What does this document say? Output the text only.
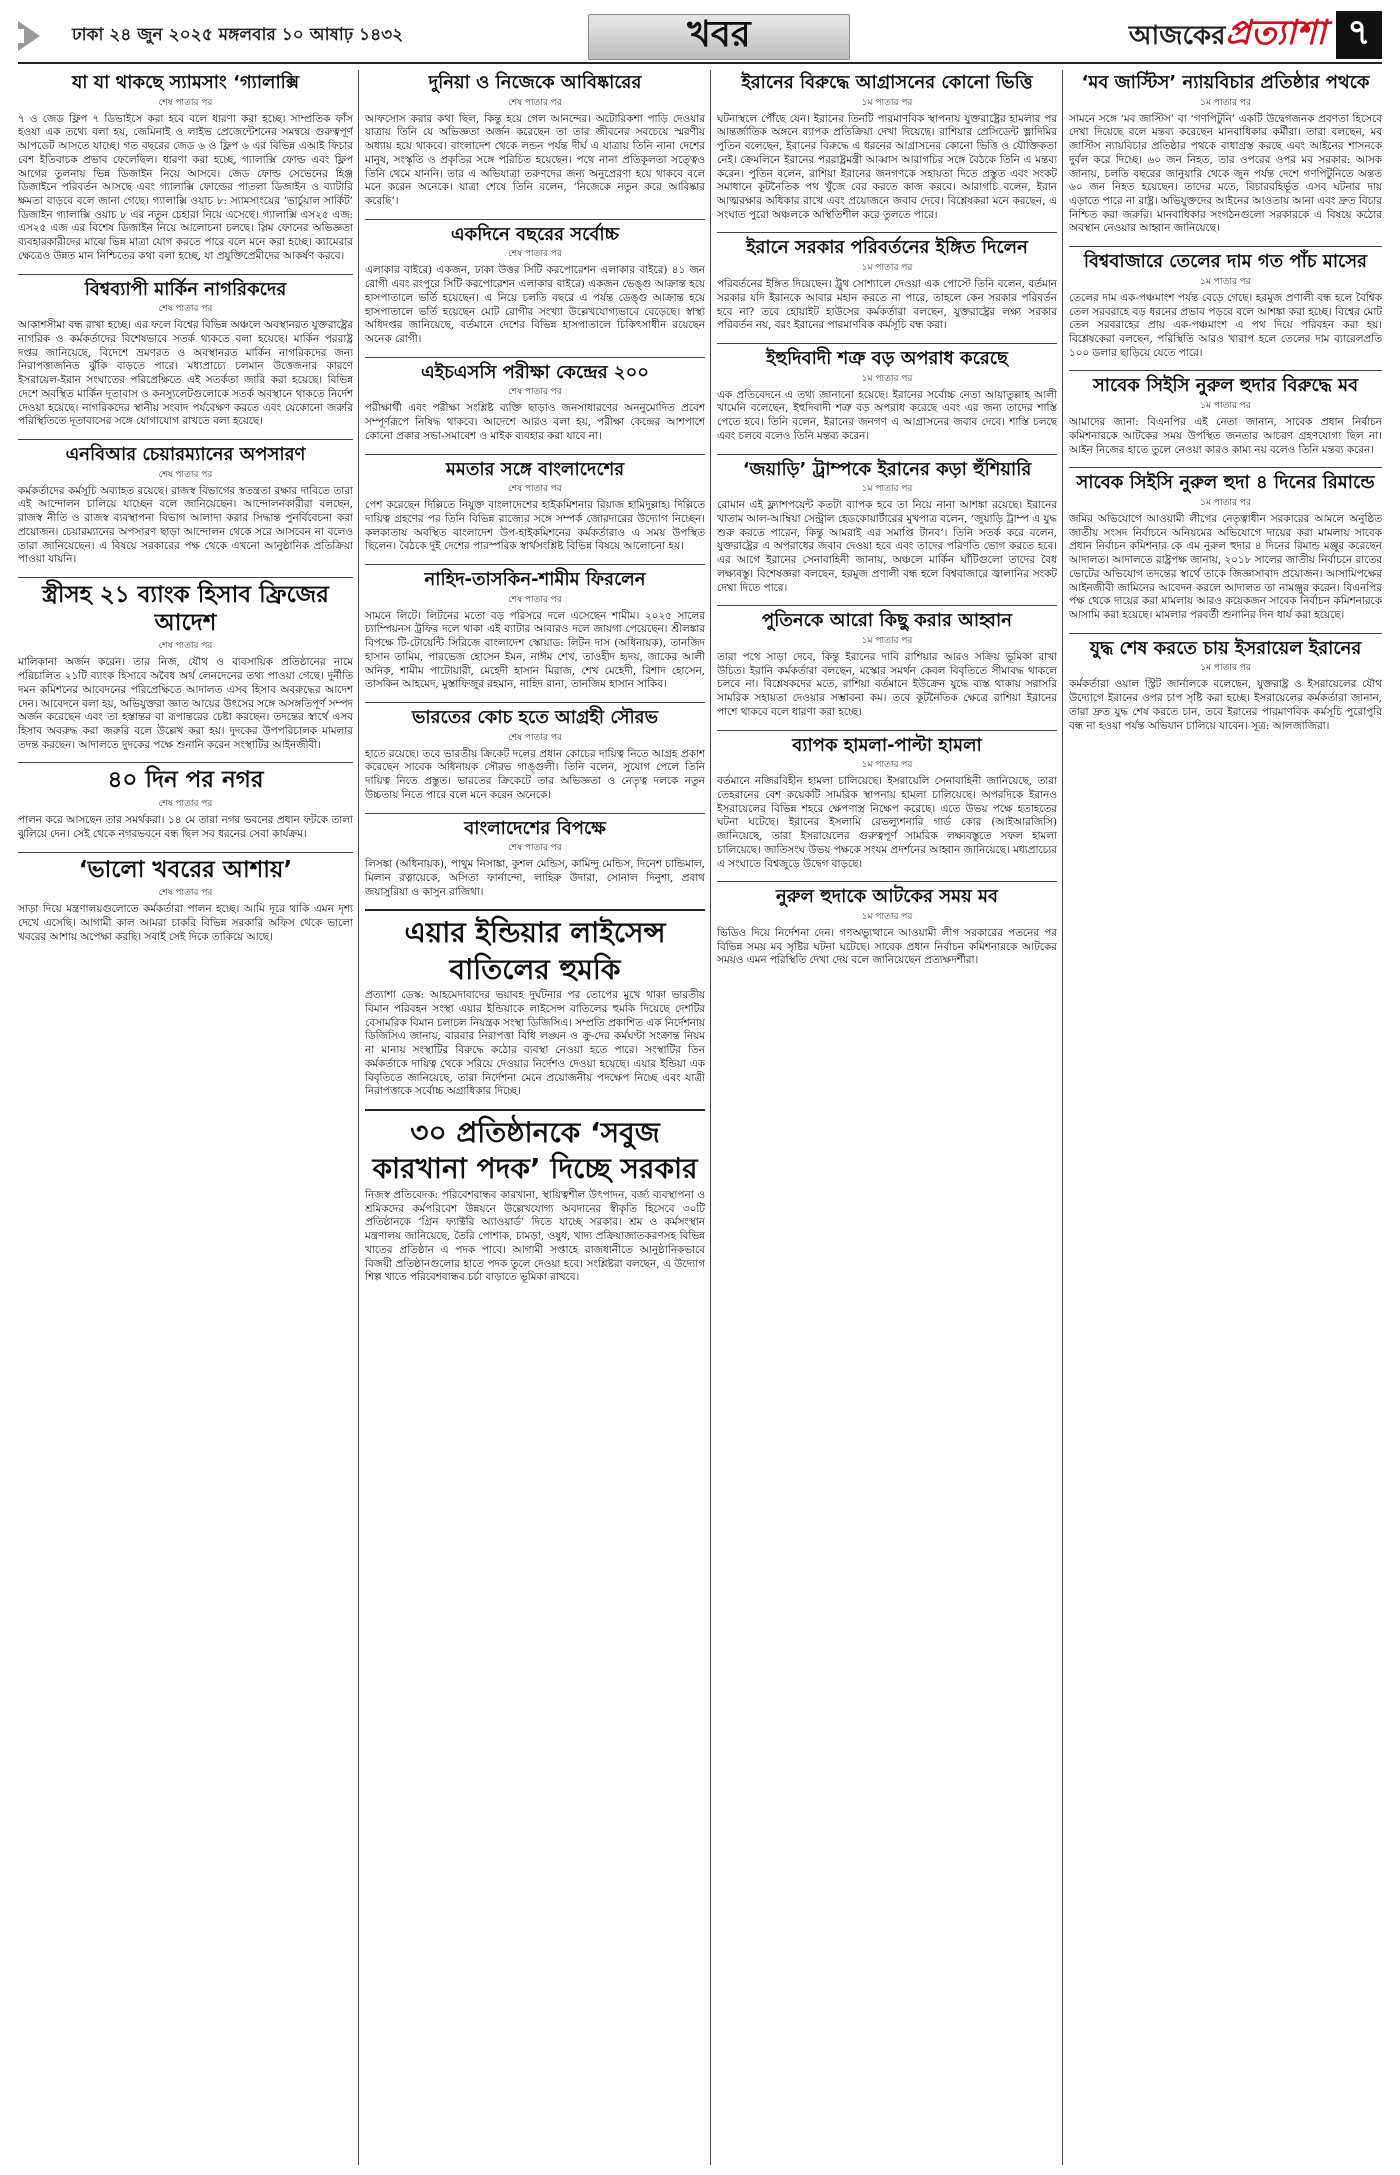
ঢাকা ২৪ জুন ২০২৫ মঙ্গলবার ১০ আষাঢ় ১৪৩২	খবর	আজকের প্রত্যাশা ৭
যা যা থাকছে স্যামসাং ‘গ্যালাক্সি
শেষ পাতার পর

৭ ও জেড ফ্লিপ ৭ ডিভাইসে করা হবে বলে ধারণা করা হচ্ছে। সাম্প্রতিক ফাঁস হওয়া এক তথ্যে বলা হয়, জেমিনাই ও লাইভ প্রেজেন্টেশনের সমন্বয়ে গুরুত্বপূর্ণ আপডেট আসতে যাচ্ছে। গত বছরের জেড ৬ ও ফ্লিপ ৬ এর বিভিন্ন এআই ফিচার বেশ ইতিবাচক প্রভাব ফেলেছিল। ধারণা করা হচ্ছে, গ্যালাক্সি ফোল্ড এবং ফ্লিপ আগের তুলনায় ভিন্ন ডিজাইন নিয়ে আসবে। জেড ফোল্ড সেভেনের হিঞ্জ ডিজাইনে পরিবর্তন আসছে এবং গ্যালাক্সি ফোল্ডের পাতলা ডিজাইন ও ব্যাটারি ক্ষমতা বাড়বে বলে জানা গেছে। গ্যালাক্সি ওয়াচ ৮: স্যামসাংয়ের ‘ভার্চুয়াল সার্কিট’ ডিজাইন গ্যালাক্সি ওয়াচ ৮ এর নতুন চেহারা নিয়ে এসেছে। গ্যালাক্সি এস২৫ এজ: এস২৫ এজ এর বিশেষ ডিজাইন নিয়ে আলোচনা চলছে। স্লিম ফোনের অভিজ্ঞতা ব্যবহারকারীদের মাঝে ভিন্ন মাত্রা যোগ করতে পারে বলে মনে করা হচ্ছে। ক্যামেরার ক্ষেত্রেও উন্নত মান নিশ্চিতের কথা বলা হচ্ছে, যা প্রযুক্তিপ্রেমীদের আকর্ষণ করবে।

বিশ্বব্যাপী মার্কিন নাগরিকদের
শেষ পাতার পর

আকাশসীমা বন্ধ রাখা হচ্ছে। এর ফলে বিশ্বের বিভিন্ন অঞ্চলে অবস্থানরত যুক্তরাষ্ট্রের নাগরিক ও কর্মকর্তাদের বিশেষভাবে সতর্ক থাকতে বলা হয়েছে। মার্কিন পররাষ্ট্র দপ্তর জানিয়েছে, বিদেশে ভ্রমণরত ও অবস্থানরত মার্কিন নাগরিকদের জন্য নিরাপত্তাজনিত ঝুঁকি বাড়তে পারে। মধ্যপ্রাচ্যে চলমান উত্তেজনার কারণে ইসরায়েল-ইরান সংঘাতের পরিপ্রেক্ষিতে এই সতর্কতা জারি করা হয়েছে। বিভিন্ন দেশে অবস্থিত মার্কিন দূতাবাস ও কনস্যুলেটগুলোকে সতর্ক অবস্থানে থাকতে নির্দেশ দেওয়া হয়েছে। নাগরিকদের স্থানীয় সংবাদ পর্যবেক্ষণ করতে এবং যেকোনো জরুরি পরিস্থিতিতে দূতাবাসের সঙ্গে যোগাযোগ রাখতে বলা হয়েছে।

এনবিআর চেয়ারম্যানের অপসারণ
শেষ পাতার পর

কর্মকর্তাদের কর্মসূচি অব্যাহত রয়েছে। রাজস্ব বিভাগের স্বতন্ত্রতা রক্ষার দাবিতে তারা এই আন্দোলন চালিয়ে যাচ্ছেন বলে জানিয়েছেন। আন্দোলনকারীরা বলছেন, রাজস্ব নীতি ও রাজস্ব ব্যবস্থাপনা বিভাগ আলাদা করার সিদ্ধান্ত পুনর্বিবেচনা করা প্রয়োজন। চেয়ারম্যানের অপসারণ ছাড়া আন্দোলন থেকে সরে আসবেন না বলেও তারা জানিয়েছেন। এ বিষয়ে সরকারের পক্ষ থেকে এখনো আনুষ্ঠানিক প্রতিক্রিয়া পাওয়া যায়নি।

স্ত্রীসহ ২১ ব্যাংক হিসাব ফ্রিজের আদেশ
শেষ পাতার পর

মালিকানা অর্জন করেন। তার নিজ, যৌথ ও ব্যবসায়িক প্রতিষ্ঠানের নামে পরিচালিত ২১টি ব্যাংক হিসাবে অবৈধ অর্থ লেনদেনের তথ্য পাওয়া গেছে। দুর্নীতি দমন কমিশনের আবেদনের পরিপ্রেক্ষিতে আদালত এসব হিসাব অবরুদ্ধের আদেশ দেন। আবেদনে বলা হয়, অভিযুক্তরা জ্ঞাত আয়ের উৎসের সঙ্গে অসঙ্গতিপূর্ণ সম্পদ অর্জন করেছেন এবং তা হস্তান্তর বা রূপান্তরের চেষ্টা করছেন। তদন্তের স্বার্থে এসব হিসাব অবরুদ্ধ করা জরুরি বলে উল্লেখ করা হয়। দুদকের উপপরিচালক মামলার তদন্ত করছেন। আদালতে দুদকের পক্ষে শুনানি করেন সংস্থাটির আইনজীবী।

৪০ দিন পর নগর
শেষ পাতার পর

পালন করে আসছেন তার সমর্থকরা। ১৪ মে তারা নগর ভবনের প্রধান ফটকে তালা ঝুলিয়ে দেন। সেই থেকে নগরভবনে বন্ধ ছিল সব ধরনের সেবা কার্যক্রম।

‘ভালো খবরের আশায়’
শেষ পাতার পর

সাড়া দিয়ে মন্ত্রণালয়গুলোতে কর্মকর্তারা পালন হচ্ছে। আমি দূরে থাকি এমন দৃশ্য দেখে এসেছি। আগামী কাল আমরা চাকরি বিভিন্ন সরকারি অফিস থেকে ভালো খবরের আশায় অপেক্ষা করছি। সবাই সেই দিকে তাকিয়ে আছে।

দুনিয়া ও নিজেকে আবিষ্কারের
শেষ পাতার পর

আফসোস করার কথা ছিল, কিন্তু হয়ে গেল আনন্দের। অটোরিকশা পাড়ি দেওয়ার যাত্রায় তিনি যে অভিজ্ঞতা অর্জন করেছেন তা তার জীবনের সবচেয়ে স্মরণীয় অধ্যায় হয়ে থাকবে। বাংলাদেশ থেকে লন্ডন পর্যন্ত দীর্ঘ এ যাত্রায় তিনি নানা দেশের মানুষ, সংস্কৃতি ও প্রকৃতির সঙ্গে পরিচিত হয়েছেন। পথে নানা প্রতিকূলতা সত্ত্বেও তিনি থেমে যাননি। তার এ অভিযাত্রা তরুণদের জন্য অনুপ্রেরণা হয়ে থাকবে বলে মনে করেন অনেকে। যাত্রা শেষে তিনি বলেন, ‘নিজেকে নতুন করে আবিষ্কার করেছি’।

একদিনে বছরের সর্বোচ্চ
শেষ পাতার পর

এলাকার বাইরে) একজন, ঢাকা উত্তর সিটি করপোরেশন এলাকার বাইরে) ৪১ জন রোগী এবং রংপুরে সিটি করপোরেশন এলাকার বাইরে) একজন ভেঙ্গু আক্রান্ত হয়ে হাসপাতালে ভর্তি হয়েছেন। এ নিয়ে চলতি বছরে এ পর্যন্ত ডেঙ্গু আক্রান্ত হয়ে হাসপাতালে ভর্তি হয়েছেন মোট রোগীর সংখ্যা উল্লেখযোগ্যভাবে বেড়েছে। স্বাস্থ্য অধিদপ্তর জানিয়েছে, বর্তমানে দেশের বিভিন্ন হাসপাতালে চিকিৎসাধীন রয়েছেন অনেক রোগী।

এইচএসসি পরীক্ষা কেন্দ্রের ২০০
শেষ পাতার পর

পরীক্ষার্থী এবং পরীক্ষা সংশ্লিষ্ট ব্যক্তি ছাড়াও জনসাধারণের অননুমোদিত প্রবেশ সম্পূর্ণরূপে নিষিদ্ধ থাকবে। আদেশে আরও বলা হয়, পরীক্ষা কেন্দ্রের আশপাশে কোনো প্রকার সভা-সমাবেশ ও মাইক ব্যবহার করা যাবে না।

মমতার সঙ্গে বাংলাদেশের
শেষ পাতার পর

পেশ করেছেন দিল্লিতে নিযুক্ত বাংলাদেশের হাইকমিশনার রিয়াজ হামিদুল্লাহ। দিল্লিতে দায়িত্ব গ্রহণের পর তিনি বিভিন্ন রাজ্যের সঙ্গে সম্পর্ক জোরদারের উদ্যোগ নিচ্ছেন। কলকাতায় অবস্থিত বাংলাদেশ উপ-হাইকমিশনের কর্মকর্তারাও এ সময় উপস্থিত ছিলেন। বৈঠকে দুই দেশের পারস্পরিক স্বার্থসংশ্লিষ্ট বিভিন্ন বিষয়ে আলোচনা হয়।

নাহিদ-তাসকিন-শামীম ফিরলেন
শেষ পাতার পর

সামনে লিটে। লিটনের মতো বড় পরিসরে দলে এসেছেন শামীম। ২০২৫ সালের চ্যাম্পিয়নস ট্রফির দলে থাকা এই ব্যাটার আবারও দলে জায়গা পেয়েছেন। শ্রীলঙ্কার বিপক্ষে টি-টোয়েন্টি সিরিজে বাংলাদেশ স্কোয়াড: লিটন দাস (অধিনায়ক), তানজিদ হাসান তামিম, পারভেজ হোসেন ইমন, নাঈম শেখ, তাওহীদ হৃদয়, জাকের আলী অনিক, শামীম পাটোয়ারী, মেহেদী হাসান মিরাজ, শেখ মেহেদী, রিশাদ হোসেন, তাসকিন আহমেদ, মুস্তাফিজুর রহমান, নাহিদ রানা, তানজিম হাসান সাকিব।

ভারতের কোচ হতে আগ্রহী সৌরভ
শেষ পাতার পর

হাতে রয়েছে। তবে ভারতীয় ক্রিকেট দলের প্রধান কোচের দায়িত্ব নিতে আগ্রহ প্রকাশ করেছেন সাবেক অধিনায়ক সৌরভ গাঙ্গুলী। তিনি বলেন, সুযোগ পেলে তিনি দায়িত্ব নিতে প্রস্তুত। ভারতের ক্রিকেটে তার অভিজ্ঞতা ও নেতৃত্ব দলকে নতুন উচ্চতায় নিতে পারে বলে মনে করেন অনেকে।

বাংলাদেশের বিপক্ষে
শেষ পাতার পর

লিসঙ্কা (অধিনায়ক), পাথুম নিসাঙ্কা, কুশল মেন্ডিস, কামিন্দু মেন্ডিস, দিনেশ চান্ডিমাল, মিলান রত্নায়েকে, অসিতা ফার্নান্দো, লাহিরু উদারা, সোনাল দিনুশা, প্রবাথ জয়াসুরিয়া ও কাসুন রাজিথা।

এয়ার ইন্ডিয়ার লাইসেন্স বাতিলের হুমকি

প্রত্যাশা ডেস্ক: আহমেদাবাদের ভয়াবহ দুর্ঘটনার পর তোপের মুখে থাকা ভারতীয় বিমান পরিবহন সংস্থা এয়ার ইন্ডিয়াকে লাইসেন্স বাতিলের হুমকি দিয়েছে দেশটির বেসামরিক বিমান চলাচল নিয়ন্ত্রক সংস্থা ডিজিসিএ। সম্প্রতি প্রকাশিত এক নির্দেশনায় ডিজিসিএ জানায়, বারবার নিরাপত্তা বিধি লঙ্ঘন ও ক্রু-দের কর্মঘণ্টা সংক্রান্ত নিয়ম না মানায় সংস্থাটির বিরুদ্ধে কঠোর ব্যবস্থা নেওয়া হতে পারে। সংস্থাটির তিন কর্মকর্তাকে দায়িত্ব থেকে সরিয়ে দেওয়ার নির্দেশও দেওয়া হয়েছে। এয়ার ইন্ডিয়া এক বিবৃতিতে জানিয়েছে, তারা নির্দেশনা মেনে প্রয়োজনীয় পদক্ষেপ নিচ্ছে এবং যাত্রী নিরাপত্তাকে সর্বোচ্চ অগ্রাধিকার দিচ্ছে।

৩০ প্রতিষ্ঠানকে ‘সবুজ কারখানা পদক’ দিচ্ছে সরকার

নিজস্ব প্রতিবেদক: পরিবেশবান্ধব কারখানা, স্থায়িত্বশীল উৎপাদন, বর্জ্য ব্যবস্থাপনা ও শ্রমিকদের কর্মপরিবেশ উন্নয়নে উল্লেখযোগ্য অবদানের স্বীকৃতি হিসেবে ৩০টি প্রতিষ্ঠানকে ‘গ্রিন ফ্যাক্টরি অ্যাওয়ার্ড’ দিতে যাচ্ছে সরকার। শ্রম ও কর্মসংস্থান মন্ত্রণালয় জানিয়েছে, তৈরি পোশাক, চামড়া, ওষুধ, খাদ্য প্রক্রিয়াজাতকরণসহ বিভিন্ন খাতের প্রতিষ্ঠান এ পদক পাবে। আগামী সপ্তাহে রাজধানীতে আনুষ্ঠানিকভাবে বিজয়ী প্রতিষ্ঠানগুলোর হাতে পদক তুলে দেওয়া হবে। সংশ্লিষ্টরা বলছেন, এ উদ্যোগ শিল্প খাতে পরিবেশবান্ধব চর্চা বাড়াতে ভূমিকা রাখবে।

ইরানের বিরুদ্ধে আগ্রাসনের কোনো ভিত্তি
১ম পাতার পর

ঘটনাস্থলে পৌঁছে যেন। ইরানের তিনটি পারমাণবিক স্থাপনায় যুক্তরাষ্ট্রের হামলার পর আন্তর্জাতিক অঙ্গনে ব্যাপক প্রতিক্রিয়া দেখা দিয়েছে। রাশিয়ার প্রেসিডেন্ট ভ্লাদিমির পুতিন বলেছেন, ইরানের বিরুদ্ধে এ ধরনের আগ্রাসনের কোনো ভিত্তি ও যৌক্তিকতা নেই। ক্রেমলিনে ইরানের পররাষ্ট্রমন্ত্রী আব্বাস আরাগচির সঙ্গে বৈঠকে তিনি এ মন্তব্য করেন। পুতিন বলেন, রাশিয়া ইরানের জনগণকে সহায়তা দিতে প্রস্তুত এবং সংকট সমাধানে কূটনৈতিক পথ খুঁজে বের করতে কাজ করবে। আরাগচি বলেন, ইরান আত্মরক্ষার অধিকার রাখে এবং প্রয়োজনে জবাব দেবে। বিশ্লেষকরা মনে করছেন, এ সংঘাত পুরো অঞ্চলকে অস্থিতিশীল করে তুলতে পারে।

ইরানে সরকার পরিবর্তনের ইঙ্গিত দিলেন
১ম পাতার পর

পরিবর্তনের ইঙ্গিত দিয়েছেন। ট্রুথ সোশ্যালে দেওয়া এক পোস্টে তিনি বলেন, বর্তমান সরকার যদি ইরানকে আবার মহান করতে না পারে, তাহলে কেন সরকার পরিবর্তন হবে না? তবে হোয়াইট হাউসের কর্মকর্তারা বলছেন, যুক্তরাষ্ট্রের লক্ষ্য সরকার পরিবর্তন নয়, বরং ইরানের পারমাণবিক কর্মসূচি বন্ধ করা।

ইহুদিবাদী শত্রু বড় অপরাধ করেছে
১ম পাতার পর

এক প্রতিবেদনে এ তথ্য জানানো হয়েছে। ইরানের সর্বোচ্চ নেতা আয়াতুল্লাহ আলী খামেনি বলেছেন, ইহুদিবাদী শত্রু বড় অপরাধ করেছে এবং এর জন্য তাদের শাস্তি পেতে হবে। তিনি বলেন, ইরানের জনগণ এ আগ্রাসনের জবাব দেবে। শাস্তি চলছে এবং চলবে বলেও তিনি মন্তব্য করেন।

‘জয়াড়ি’ ট্রাম্পকে ইরানের কড়া হুঁশিয়ারি
১ম পাতার পর

রোমান এই ফ্ল্যাশপয়েন্ট কতটা ব্যাপক হবে তা নিয়ে নানা আশঙ্কা রয়েছে। ইরানের খাতাম আল-আম্বিয়া সেন্ট্রাল হেডকোয়ার্টারের মুখপাত্র বলেন, ‘জুয়াড়ি ট্রাম্প এ যুদ্ধ শুরু করতে পারেন, কিন্তু আমরাই এর সমাপ্তি টানব’। তিনি সতর্ক করে বলেন, যুক্তরাষ্ট্রের এ অপরাধের জবাব দেওয়া হবে এবং তাদের পরিণতি ভোগ করতে হবে। এর আগে ইরানের সেনাবাহিনী জানায়, অঞ্চলে মার্কিন ঘাঁটিগুলো তাদের বৈধ লক্ষ্যবস্তু। বিশেষজ্ঞরা বলছেন, হরমুজ প্রণালী বন্ধ হলে বিশ্ববাজারে জ্বালানির সংকট দেখা দিতে পারে।

পুতিনকে আরো কিছু করার আহ্বান
১ম পাতার পর

তারা পথে সাড়া দেবে, কিন্তু ইরানের দাবি রাশিয়ার আরও সক্রিয় ভূমিকা রাখা উচিত। ইরানি কর্মকর্তারা বলছেন, মস্কোর সমর্থন কেবল বিবৃতিতে সীমাবদ্ধ থাকলে চলবে না। বিশ্লেষকদের মতে, রাশিয়া বর্তমানে ইউক্রেন যুদ্ধে ব্যস্ত থাকায় সরাসরি সামরিক সহায়তা দেওয়ার সম্ভাবনা কম। তবে কূটনৈতিক ক্ষেত্রে রাশিয়া ইরানের পাশে থাকবে বলে ধারণা করা হচ্ছে।

ব্যাপক হামলা-পাল্টা হামলা
১ম পাতার পর

বর্তমানে নজিরবিহীন হামলা চালিয়েছে। ইসরায়েলি সেনাবাহিনী জানিয়েছে, তারা তেহরানের বেশ কয়েকটি সামরিক স্থাপনায় হামলা চালিয়েছে। অপরদিকে ইরানও ইসরায়েলের বিভিন্ন শহরে ক্ষেপণাস্ত্র নিক্ষেপ করেছে। এতে উভয় পক্ষে হতাহতের ঘটনা ঘটেছে। ইরানের ইসলামি রেভল্যুশনারি গার্ড কোর (আইআরজিসি) জানিয়েছে, তারা ইসরায়েলের গুরুত্বপূর্ণ সামরিক লক্ষ্যবস্তুতে সফল হামলা চালিয়েছে। জাতিসংঘ উভয় পক্ষকে সংযম প্রদর্শনের আহ্বান জানিয়েছে। মধ্যপ্রাচ্যের এ সংঘাতে বিশ্বজুড়ে উদ্বেগ বাড়ছে।

নুরুল হুদাকে আটকের সময় মব
১ম পাতার পর

ভিডিও দিয়ে নির্দেশনা দেন। গণঅভ্যুত্থানে আওয়ামী লীগ সরকারের পতনের পর বিভিন্ন সময় মব সৃষ্টির ঘটনা ঘটেছে। সাবেক প্রধান নির্বাচন কমিশনারকে আটকের সময়ও এমন পরিস্থিতি দেখা দেয় বলে জানিয়েছেন প্রত্যক্ষদর্শীরা।

‘মব জাস্টিস’ ন্যায়বিচার প্রতিষ্ঠার পথকে
১ম পাতার পর

সামনে সঙ্গে ‘মব জাস্টিস’ বা ‘গণপিটুনি’ একটি উদ্বেগজনক প্রবণতা হিসেবে দেখা দিয়েছে বলে মন্তব্য করেছেন মানবাধিকার কর্মীরা। তারা বলছেন, মব জাস্টিস ন্যায়বিচার প্রতিষ্ঠার পথকে বাধাগ্রস্ত করছে এবং আইনের শাসনকে দুর্বল করে দিচ্ছে। ৬০ জন নিহত, তার ওপরের ওপর মব সরকার: আসক জানায়, চলতি বছরের জানুয়ারি থেকে জুন পর্যন্ত দেশে গণপিটুনিতে অন্তত ৬০ জন নিহত হয়েছেন। তাদের মতে, বিচারবহির্ভূত এসব ঘটনার দায় এড়াতে পারে না রাষ্ট্র। অভিযুক্তদের আইনের আওতায় আনা এবং দ্রুত বিচার নিশ্চিত করা জরুরি। মানবাধিকার সংগঠনগুলো সরকারকে এ বিষয়ে কঠোর অবস্থান নেওয়ার আহ্বান জানিয়েছে।

বিশ্ববাজারে তেলের দাম গত পাঁচ মাসের
১ম পাতার পর

তেলের দাম এক-পঞ্চমাংশ পর্যন্ত বেড়ে গেছে। হরমুজ প্রণালী বন্ধ হলে বৈশ্বিক তেল সরবরাহে বড় ধরনের প্রভাব পড়বে বলে আশঙ্কা করা হচ্ছে। বিশ্বের মোট তেল সরবরাহের প্রায় এক-পঞ্চমাংশ এ পথ দিয়ে পরিবহন করা হয়। বিশ্লেষকেরা বলছেন, পরিস্থিতি আরও খারাপ হলে তেলের দাম ব্যারেলপ্রতি ১০০ ডলার ছাড়িয়ে যেতে পারে।

সাবেক সিইসি নুরুল হুদার বিরুদ্ধে মব
১ম পাতার পর

আমাদের জানা: বিএনপির এই নেতা জানান, সাবেক প্রধান নির্বাচন কমিশনারকে আটকের সময় উপস্থিত জনতার আচরণ গ্রহণযোগ্য ছিল না। আইন নিজের হাতে তুলে নেওয়া কারও কাম্য নয় বলেও তিনি মন্তব্য করেন।

সাবেক সিইসি নুরুল হুদা ৪ দিনের রিমান্ডে
১ম পাতার পর

জমির অভিযোগে আওয়ামী লীগের নেতৃত্বাধীন সরকারের আমলে অনুষ্ঠিত জাতীয় সংসদ নির্বাচনে অনিয়মের অভিযোগে দায়ের করা মামলায় সাবেক প্রধান নির্বাচন কমিশনার কে এম নুরুল হুদার ৪ দিনের রিমান্ড মঞ্জুর করেছেন আদালত। আদালতে রাষ্ট্রপক্ষ জানায়, ২০১৮ সালের জাতীয় নির্বাচনে রাতের ভোটের অভিযোগ তদন্তের স্বার্থে তাকে জিজ্ঞাসাবাদ প্রয়োজন। আসামিপক্ষের আইনজীবী জামিনের আবেদন করলে আদালত তা নামঞ্জুর করেন। বিএনপির পক্ষ থেকে দায়ের করা মামলায় আরও কয়েকজন সাবেক নির্বাচন কমিশনারকে আসামি করা হয়েছে। মামলার পরবর্তী শুনানির দিন ধার্য করা হয়েছে।

যুদ্ধ শেষ করতে চায় ইসরায়েল ইরানের
১ম পাতার পর

কর্মকর্তারা ওয়াল স্ট্রিট জার্নালকে বলেছেন, যুক্তরাষ্ট্র ও ইসরায়েলের যৌথ উদ্যোগে ইরানের ওপর চাপ সৃষ্টি করা হচ্ছে। ইসরায়েলের কর্মকর্তারা জানান, তারা দ্রুত যুদ্ধ শেষ করতে চান, তবে ইরানের পারমাণবিক কর্মসূচি পুরোপুরি বন্ধ না হওয়া পর্যন্ত অভিযান চালিয়ে যাবেন। সূত্র: আলজাজিরা।
